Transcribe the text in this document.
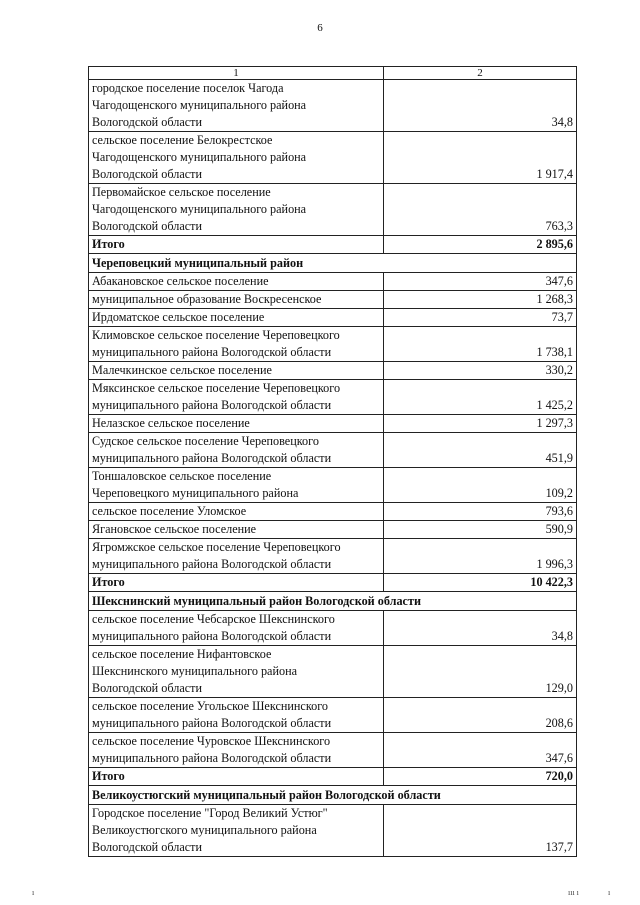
6
1	2

городское поселение поселок Чагода
Чагодощенского муниципального района
Вологодской области	34,8

сельское поселение Белокрестское
Чагодощенского муниципального района
Вологодской области	1 917,4

Первомайское сельское поселение
Чагодощенского муниципального района
Вологодской области	763,3

Итого	2 895,6

Череповецкий муниципальный район	

Абакановское сельское поселение	347,6

муниципальное образование Воскресенское	1 268,3

Ирдоматское сельское поселение	73,7

Климовское сельское поселение Череповецкого
муниципального района Вологодской области	1 738,1

Малечкинское сельское поселение	330,2

Мяксинское сельское поселение Череповецкого
муниципального района Вологодской области	1 425,2

Нелазское сельское поселение	1 297,3

Судское сельское поселение Череповецкого
муниципального района Вологодской области	451,9

Тоншаловское сельское поселение
Череповецкого муниципального района	109,2

сельское поселение Уломское	793,6

Ягановское сельское поселение	590,9

Ягромжское сельское поселение Череповецкого
муниципального района Вологодской области	1 996,3

Итого	10 422,3

Шекснинский муниципальный район Вологодской области	

сельское поселение Чебсарское Шекснинского
муниципального района Вологодской области	34,8

сельское поселение Нифантовское
Шекснинского муниципального района
Вологодской области	129,0

сельское поселение Угольское Шекснинского
муниципального района Вологодской области	208,6

сельское поселение Чуровское Шекснинского
муниципального района Вологодской области	347,6

Итого	720,0

Великоустюгский муниципальный район Вологодской области	

Городское поселение "Город Великий Устюг"
Великоустюгского муниципального района
Вологодской области	137,7
ı	ııı ı	ı
